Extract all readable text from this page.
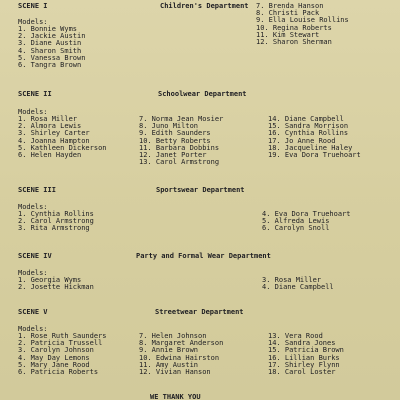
SCENE I	Children's Department
Models:
1. Bonnie Wyms
2. Jackie Austin
3. Diane Austin
4. Sharon Smith
5. Vanessa Brown
6. Tangra Brown
7. Brenda Hanson
8. Christi Pack
9. Ella Louise Rollins
10. Regina Roberts
11. Kim Stewart
12. Sharon Sherman
SCENE II	Schoolwear Department
Models:
1. Rosa Miller
2. Almora Lewis
3. Shirley Carter
4. Joanna Hampton
5. Kathleen Dickerson
6. Helen Hayden
7. Norma Jean Mosier
8. Juno Milton
9. Edith Saunders
10. Betty Roberts
11. Barbara Dobbins
12. Janet Porter
13. Carol Armstrong
14. Diane Campbell
15. Sandra Morrison
16. Cynthia Rollins
17. Jo Anne Rood
18. Jacqueline Haley
19. Eva Dora Truehoart
SCENE III	Sportswear Department
Models:
1. Cynthia Rollins
2. Carol Armstrong
3. Rita Armstrong
4. Eva Dora Truehoart
5. Alfreda Lewis
6. Carolyn Snoll
SCENE IV	Party and Formal Wear Department
Models:
1. Georgia Wyms
2. Josette Hickman
3. Rosa Miller
4. Diane Campbell
SCENE V	Streetwear Department
Models:
1. Rose Ruth Saunders
2. Patricia Trussell
3. Carolyn Johnson
4. May Day Lemons
5. Mary Jane Rood
6. Patricia Roberts
7. Helen Johnson
8. Margaret Anderson
9. Annie Brown
10. Edwina Hairston
11. Amy Austin
12. Vivian Hanson
13. Vera Rood
14. Sandra Jones
15. Patricia Brown
16. Lillian Burks
17. Shirley Flynn
18. Carol Loster
WE THANK YOU
